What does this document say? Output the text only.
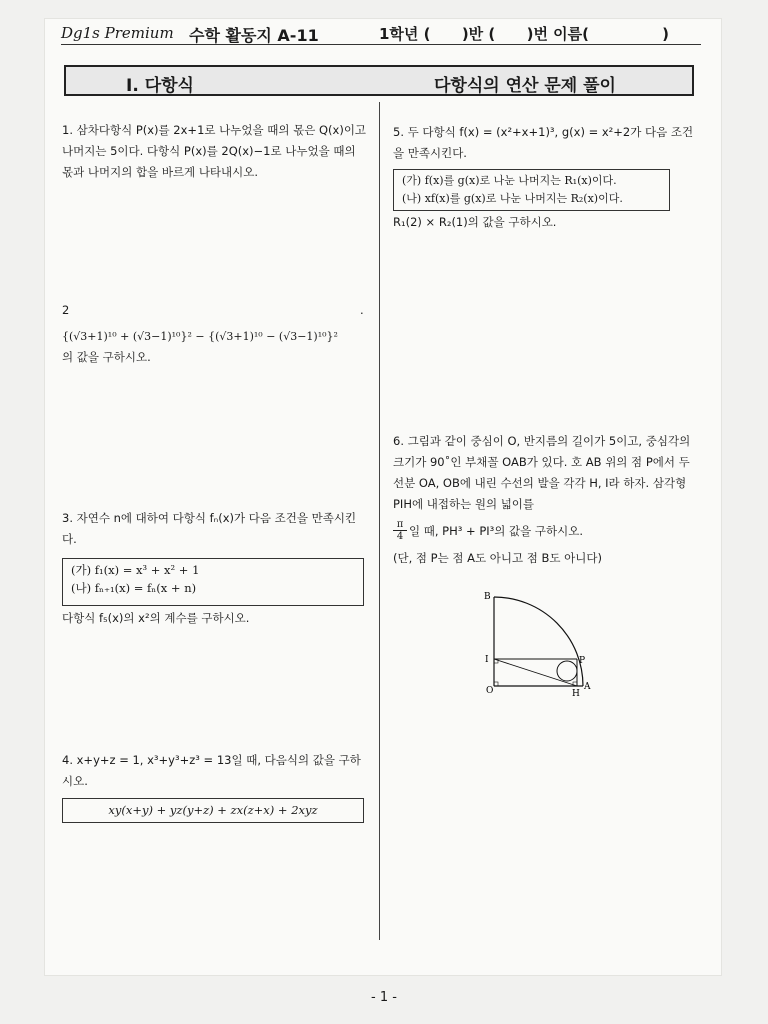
Dg1s Premium 수학 활동지 A-11	1학년 (      )반 (      )번 이름(              )
I. 다항식	다항식의 연산 문제 풀이
1. 삼차다항식 P(x)를 2x+1로 나누었을 때의 몫은 Q(x)이고 나머지는 5이다. 다항식 P(x)를 2Q(x)−1로 나누었을 때의 몫과 나머지의 합을 바르게 나타내시오.
2	.
{(√3+1)¹⁰ + (√3−1)¹⁰}² − {(√3+1)¹⁰ − (√3−1)¹⁰}²
의 값을 구하시오.
3. 자연수 n에 대하여 다항식 fₙ(x)가 다음 조건을 만족시킨다.
(가) f₁(x) = x³ + x² + 1
(나) fₙ₊₁(x) = fₙ(x + n)
다항식 f₅(x)의 x²의 계수를 구하시오.
4. x+y+z = 1, x³+y³+z³ = 13일 때, 다음식의 값을 구하시오.
xy(x+y) + yz(y+z) + zx(z+x) + 2xyz
5. 두 다항식 f(x) = (x²+x+1)³, g(x) = x²+2가 다음 조건을 만족시킨다.
(가) f(x)를 g(x)로 나눈 나머지는 R₁(x)이다.
(나) xf(x)를 g(x)로 나눈 나머지는 R₂(x)이다.
R₁(2) × R₂(1)의 값을 구하시오.
6. 그림과 같이 중심이 O, 반지름의 길이가 5이고, 중심각의 크기가 90˚인 부채꼴 OAB가 있다. 호 AB 위의 점 P에서 두 선분 OA, OB에 내린 수선의 발을 각각 H, I라 하자. 삼각형 PIH에 내접하는 원의 넓이를
$\frac{\pi}{4}$ 일 때, PH³ + PI³의 값을 구하시오.
(단, 점 P는 점 A도 아니고 점 B도 아니다)
B
I	P
O	H
A
- 1 -
